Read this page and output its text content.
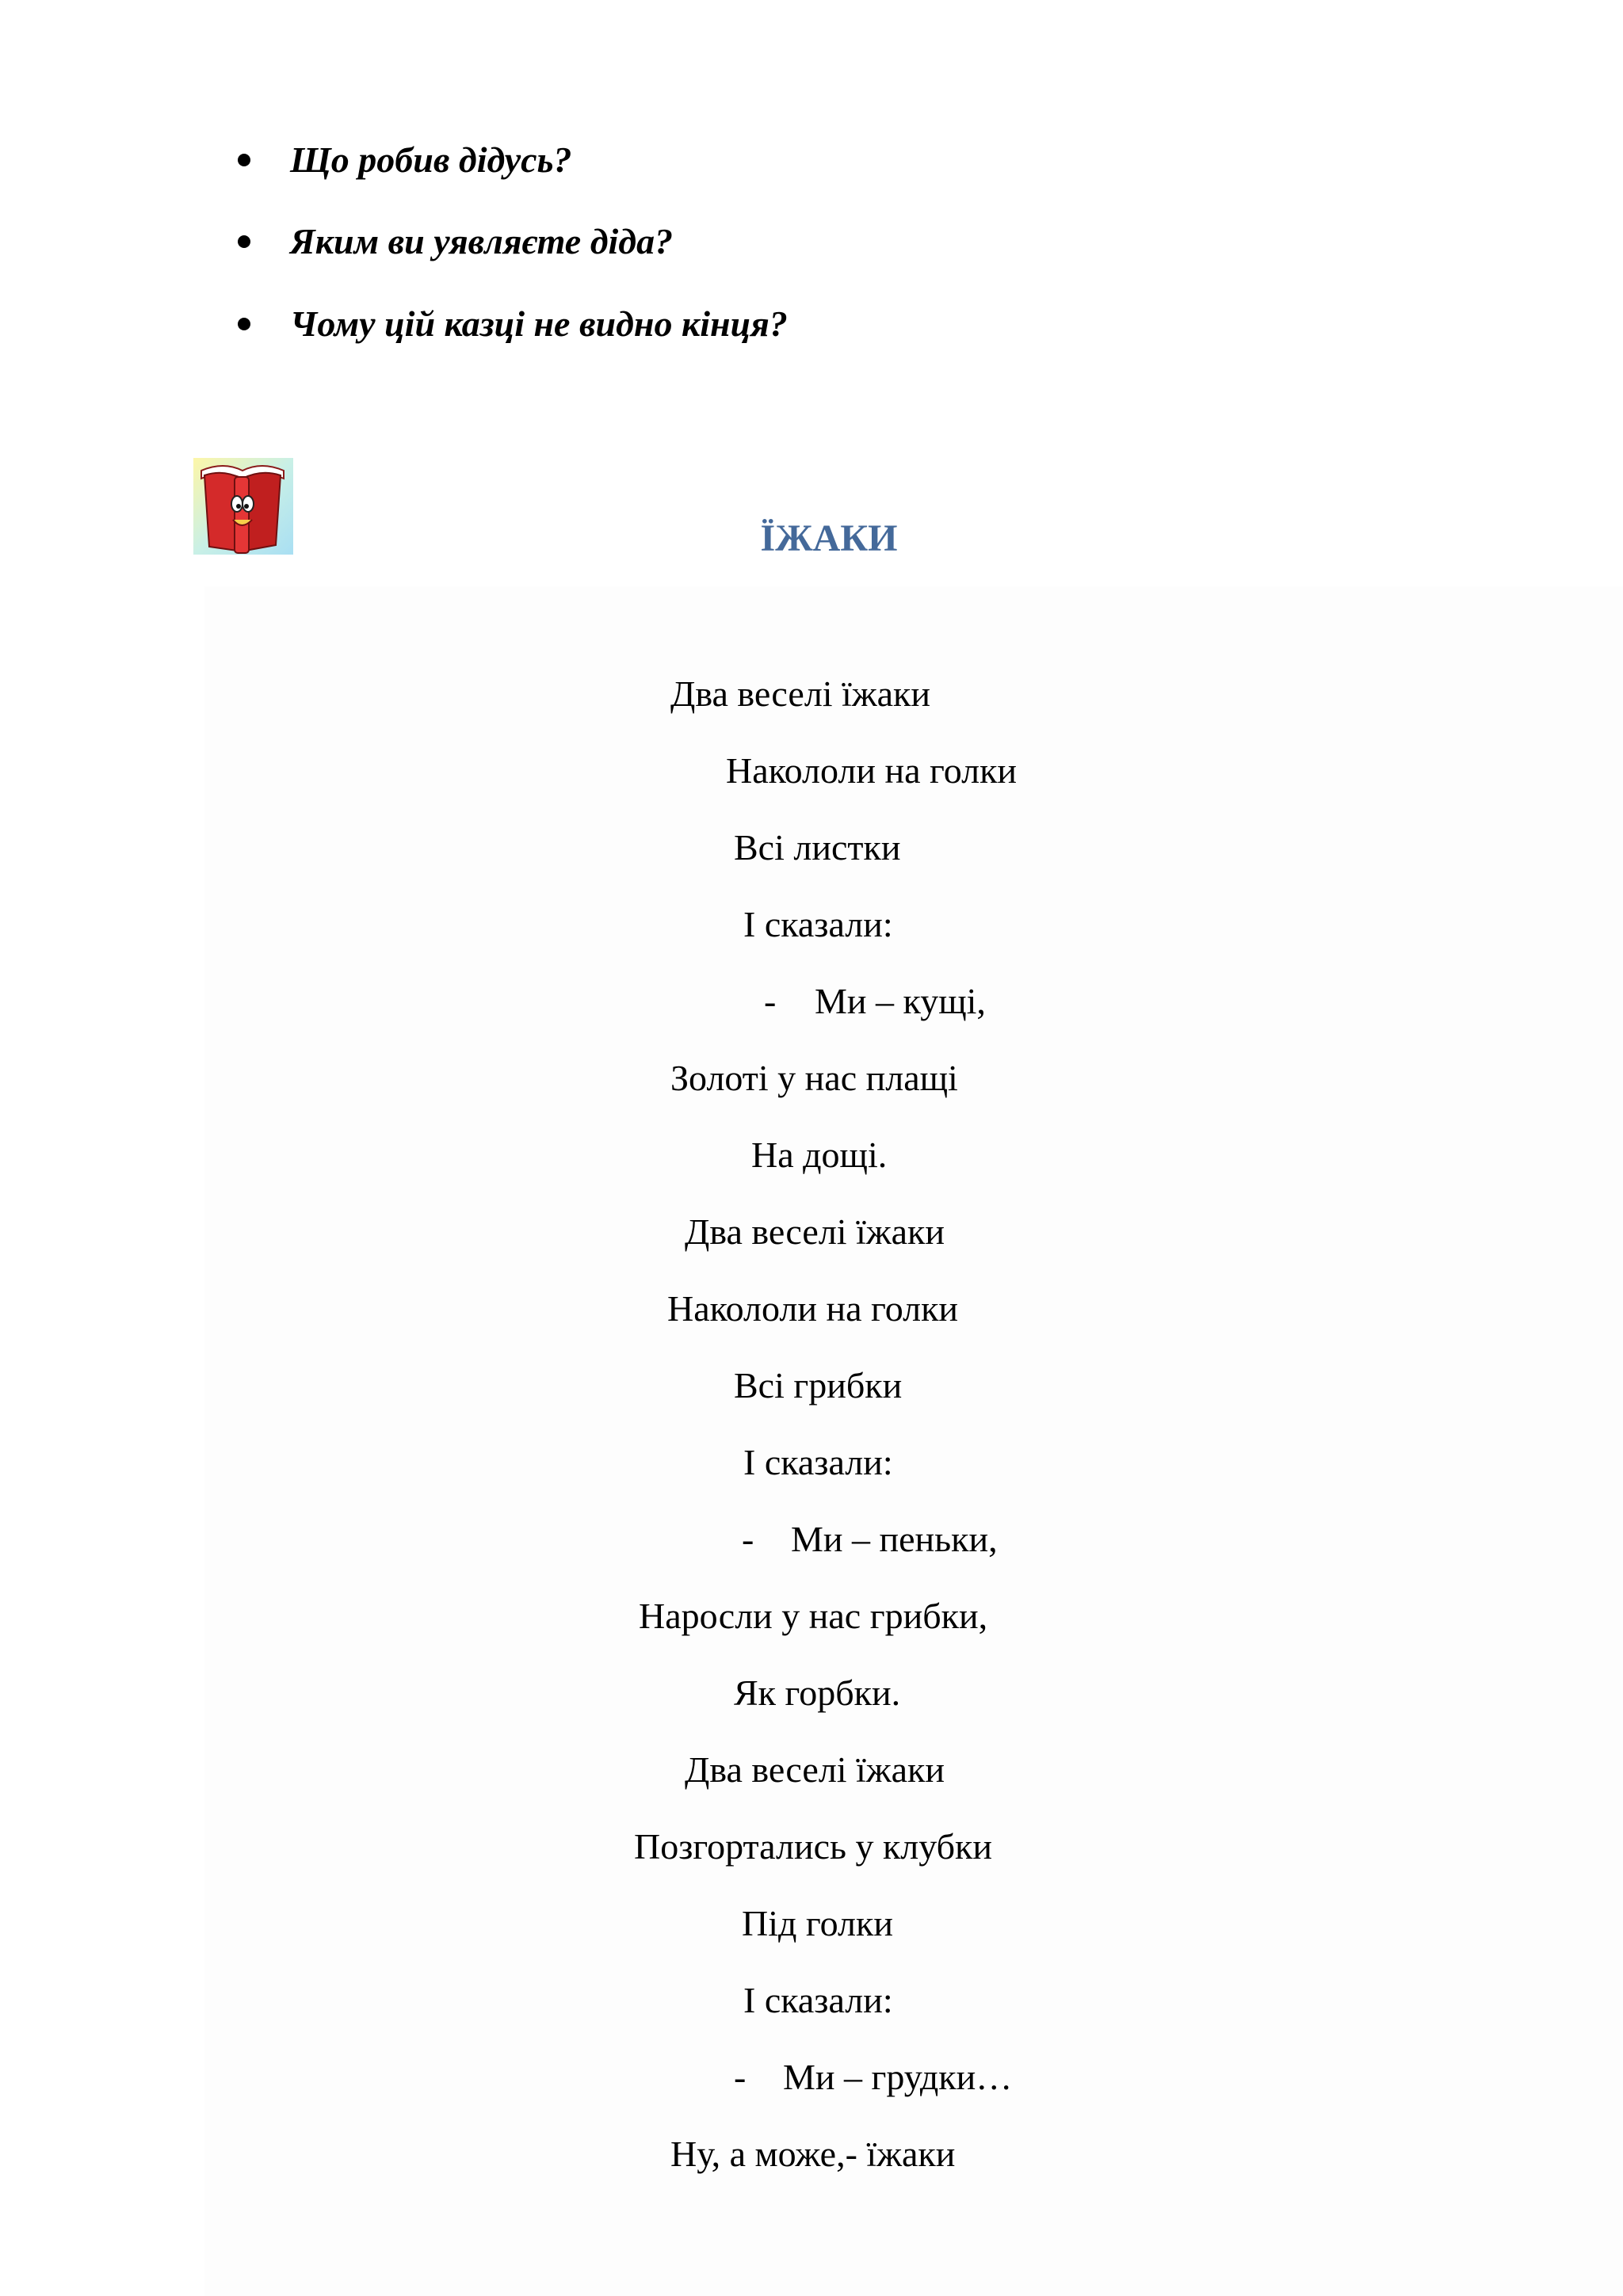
Що робив дідусь?
Яким ви уявляєте діда?
Чому цій казці не видно кінця?
ЇЖАКИ
Два веселі їжаки
Накололи на голки
Всі листки
І сказали:
- Ми – кущі,
Золоті у нас плащі
На дощі.
Два веселі їжаки
Накололи на голки
Всі грибки
І сказали:
- Ми – пеньки,
Наросли у нас грибки,
Як горбки.
Два веселі їжаки
Позгортались у клубки
Під голки
І сказали:
- Ми – грудки…
Ну, а може,- їжаки
